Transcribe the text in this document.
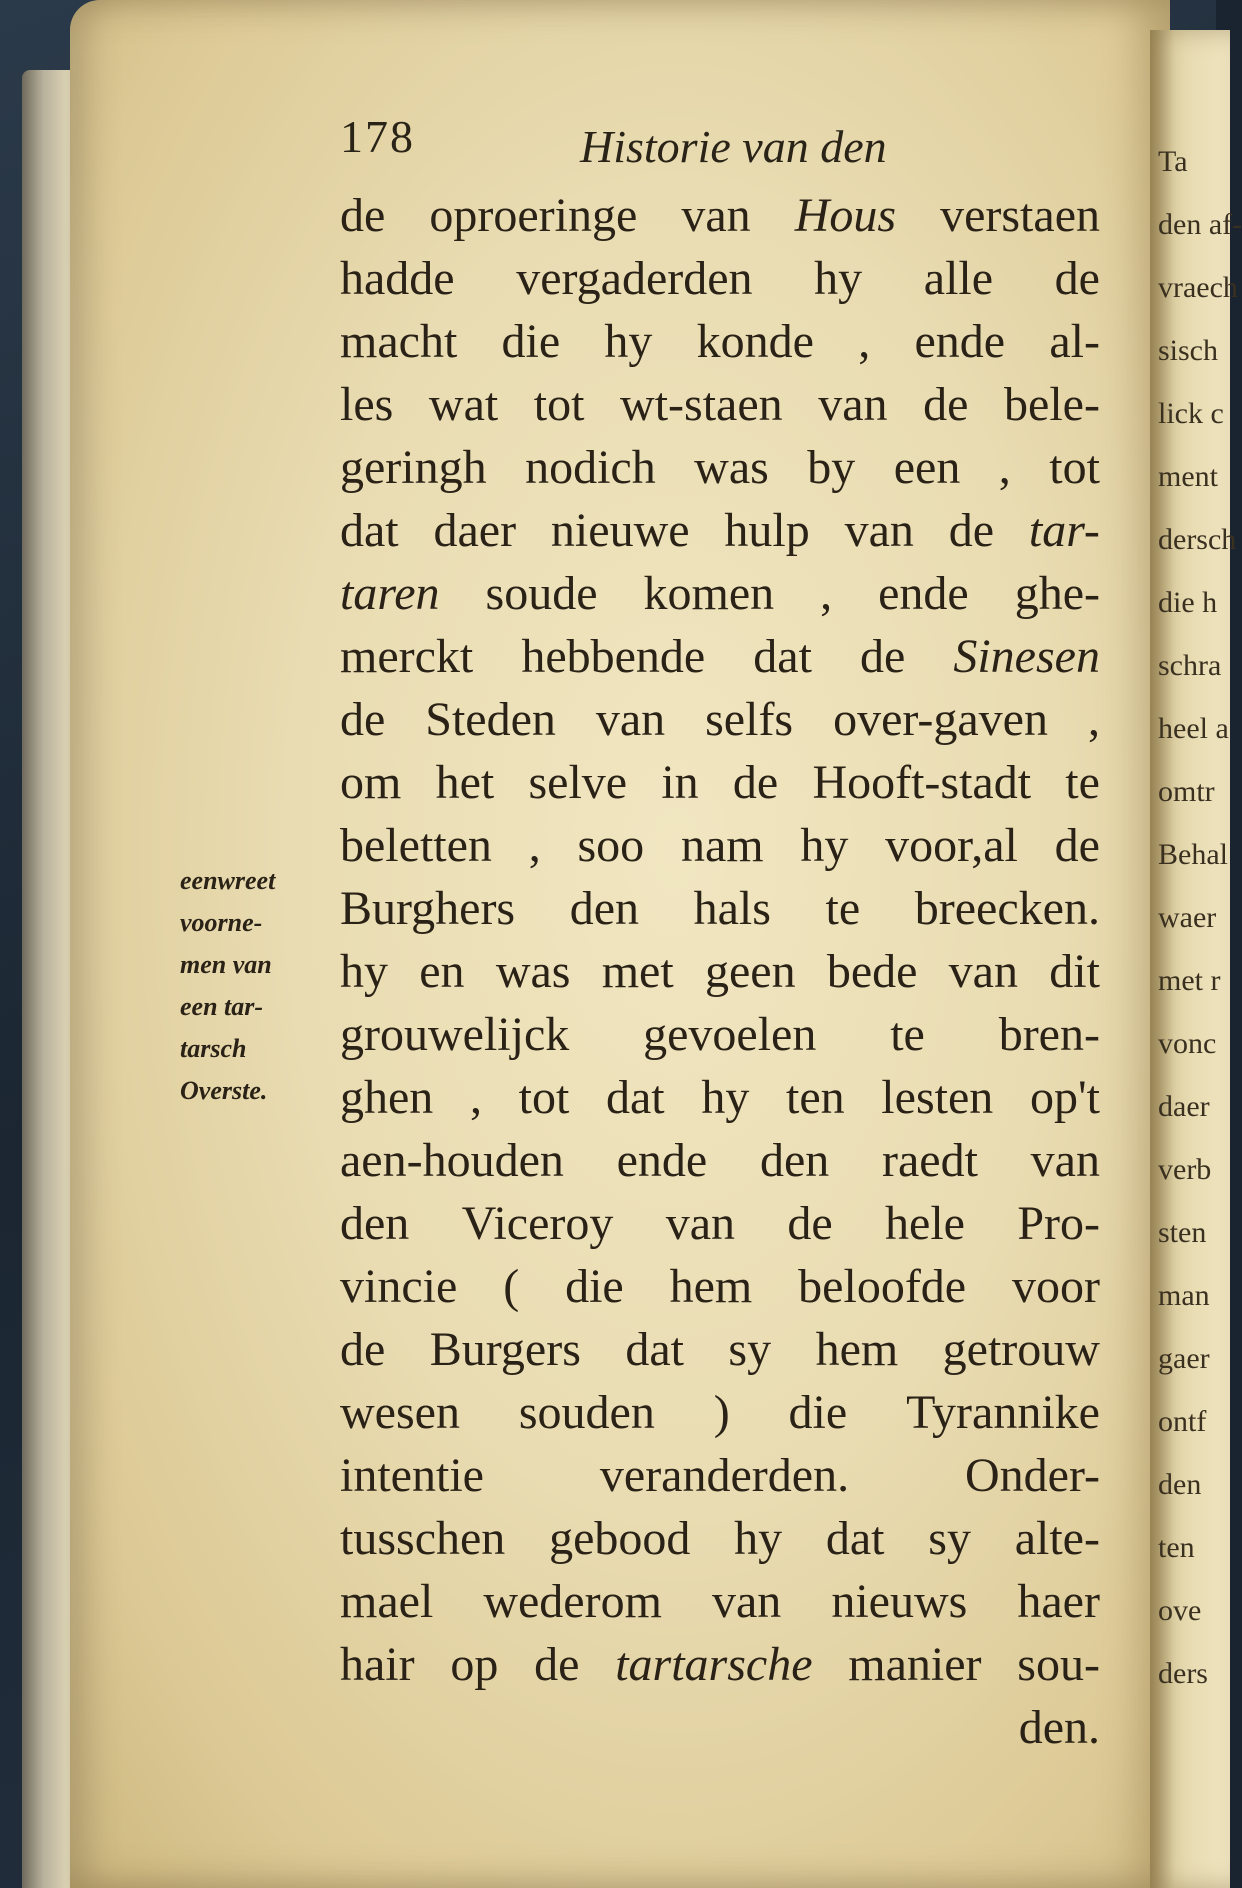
178	Historie van den
de oproeringe van Hous verstaen
hadde vergaderden hy alle de
macht die hy konde , ende al-
les wat tot wt-staen van de bele-
geringh nodich was by een , tot
dat daer nieuwe hulp van de tar-
taren soude komen , ende ghe-
merckt hebbende dat de Sinesen
de Steden van selfs over-gaven ,
om het selve in de Hooft-stadt te
beletten , soo nam hy voor,al de
Burghers den hals te breecken.
hy en was met geen bede van dit
grouwelijck gevoelen te bren-
ghen , tot dat hy ten lesten op't
aen-houden ende den raedt van
den Viceroy van de hele Pro-
vincie ( die hem beloofde voor
de Burgers dat sy hem getrouw
wesen souden ) die Tyrannike
intentie veranderden. Onder-
tusschen gebood hy dat sy alte-
mael wederom van nieuws haer
hair op de tartarsche manier sou-
den.
eenwreet
voorne-
men van
een tar-
tarsch
Overste.
Ta
den af-
vraech
sisch
lick c
ment
dersch
die h
schra
heel a
omtr
Behal
waer
met r
vonc
daer
verb
sten
man
gaer
ontf
den
ten
ove
ders
